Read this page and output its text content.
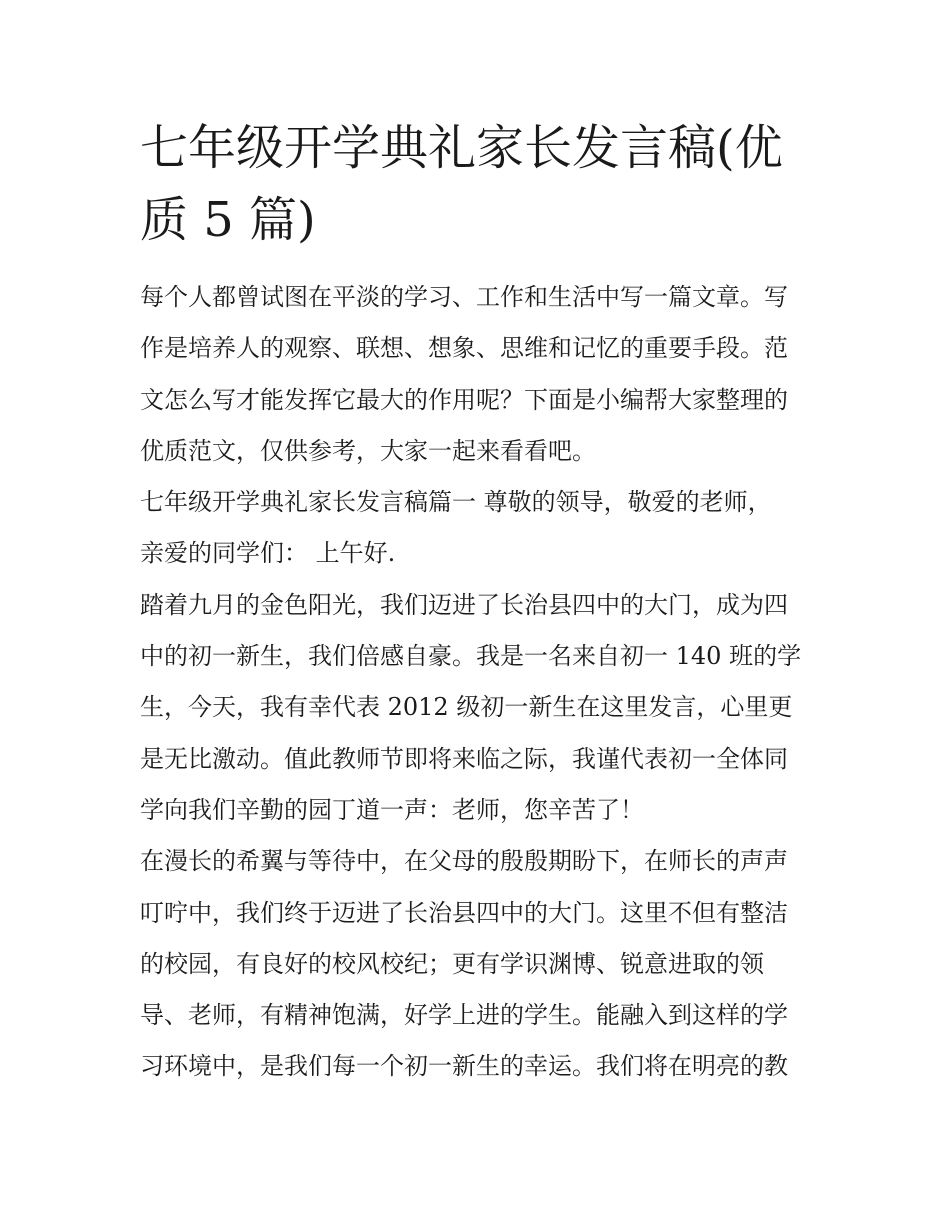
七年级开学典礼家长发言稿(优
质 5 篇)
每个人都曾试图在平淡的学习、工作和生活中写一篇文章。写
作是培养人的观察、联想、想象、思维和记忆的重要手段。范
文怎么写才能发挥它最大的作用呢？下面是小编帮大家整理的
优质范文，仅供参考，大家一起来看看吧。
七年级开学典礼家长发言稿篇一 尊敬的领导，敬爱的老师，
亲爱的同学们： 上午好.
踏着九月的金色阳光，我们迈进了长治县四中的大门，成为四
中的初一新生，我们倍感自豪。我是一名来自初一 140 班的学
生，今天，我有幸代表 2012 级初一新生在这里发言，心里更
是无比激动。值此教师节即将来临之际，我谨代表初一全体同
学向我们辛勤的园丁道一声：老师，您辛苦了！
在漫长的希翼与等待中，在父母的殷殷期盼下，在师长的声声
叮咛中，我们终于迈进了长治县四中的大门。这里不但有整洁
的校园，有良好的校风校纪；更有学识渊博、锐意进取的领
导、老师，有精神饱满，好学上进的学生。能融入到这样的学
习环境中，是我们每一个初一新生的幸运。我们将在明亮的教
